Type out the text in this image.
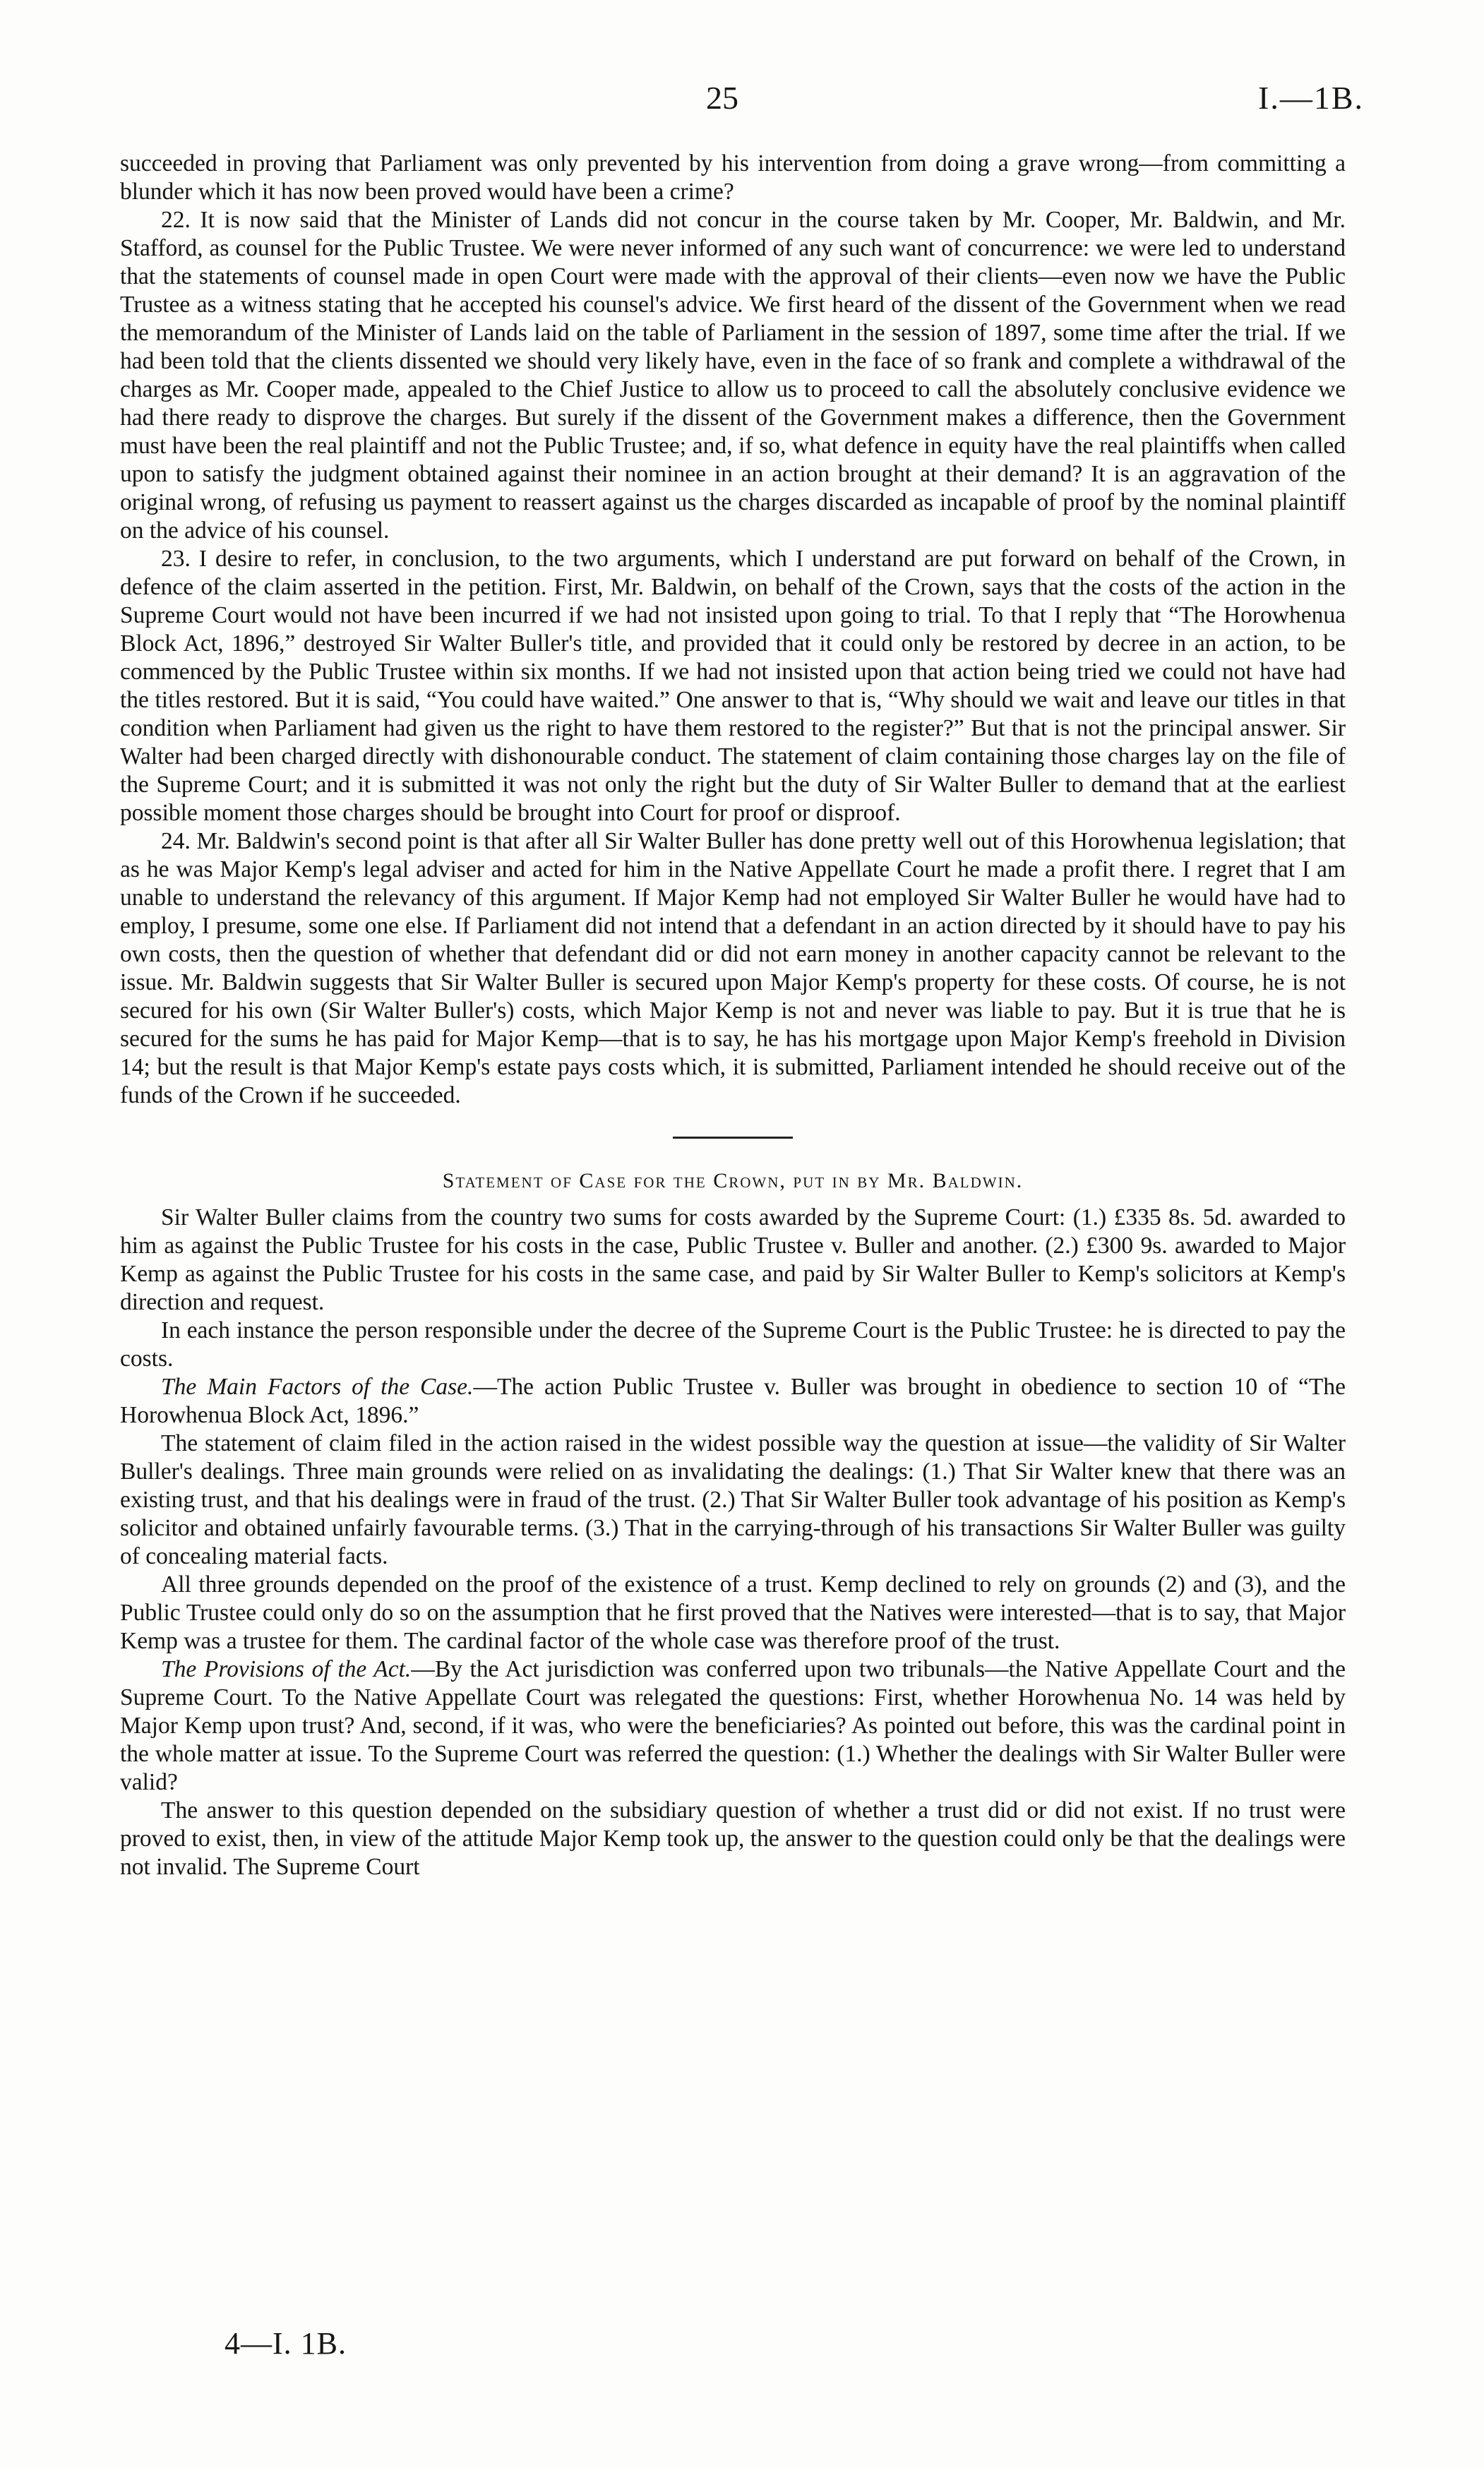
25	I.—1B.

succeeded in proving that Parliament was only prevented by his intervention from doing a grave wrong—from committing a blunder which it has now been proved would have been a crime?

22. It is now said that the Minister of Lands did not concur in the course taken by Mr. Cooper, Mr. Baldwin, and Mr. Stafford, as counsel for the Public Trustee. We were never informed of any such want of concurrence: we were led to understand that the statements of counsel made in open Court were made with the approval of their clients—even now we have the Public Trustee as a witness stating that he accepted his counsel's advice. We first heard of the dissent of the Government when we read the memorandum of the Minister of Lands laid on the table of Parliament in the session of 1897, some time after the trial. If we had been told that the clients dissented we should very likely have, even in the face of so frank and complete a withdrawal of the charges as Mr. Cooper made, appealed to the Chief Justice to allow us to proceed to call the absolutely conclusive evidence we had there ready to disprove the charges. But surely if the dissent of the Government makes a difference, then the Government must have been the real plaintiff and not the Public Trustee; and, if so, what defence in equity have the real plaintiffs when called upon to satisfy the judgment obtained against their nominee in an action brought at their demand? It is an aggravation of the original wrong, of refusing us payment to reassert against us the charges discarded as incapable of proof by the nominal plaintiff on the advice of his counsel.

23. I desire to refer, in conclusion, to the two arguments, which I understand are put forward on behalf of the Crown, in defence of the claim asserted in the petition. First, Mr. Baldwin, on behalf of the Crown, says that the costs of the action in the Supreme Court would not have been incurred if we had not insisted upon going to trial. To that I reply that “The Horowhenua Block Act, 1896,” destroyed Sir Walter Buller's title, and provided that it could only be restored by decree in an action, to be commenced by the Public Trustee within six months. If we had not insisted upon that action being tried we could not have had the titles restored. But it is said, “You could have waited.” One answer to that is, “Why should we wait and leave our titles in that condition when Parliament had given us the right to have them restored to the register?” But that is not the principal answer. Sir Walter had been charged directly with dishonourable conduct. The statement of claim containing those charges lay on the file of the Supreme Court; and it is submitted it was not only the right but the duty of Sir Walter Buller to demand that at the earliest possible moment those charges should be brought into Court for proof or disproof.

24. Mr. Baldwin's second point is that after all Sir Walter Buller has done pretty well out of this Horowhenua legislation; that as he was Major Kemp's legal adviser and acted for him in the Native Appellate Court he made a profit there. I regret that I am unable to understand the relevancy of this argument. If Major Kemp had not employed Sir Walter Buller he would have had to employ, I presume, some one else. If Parliament did not intend that a defendant in an action directed by it should have to pay his own costs, then the question of whether that defendant did or did not earn money in another capacity cannot be relevant to the issue. Mr. Baldwin suggests that Sir Walter Buller is secured upon Major Kemp's property for these costs. Of course, he is not secured for his own (Sir Walter Buller's) costs, which Major Kemp is not and never was liable to pay. But it is true that he is secured for the sums he has paid for Major Kemp—that is to say, he has his mortgage upon Major Kemp's freehold in Division 14; but the result is that Major Kemp's estate pays costs which, it is submitted, Parliament intended he should receive out of the funds of the Crown if he succeeded.

Statement of Case for the Crown, put in by Mr. Baldwin.

Sir Walter Buller claims from the country two sums for costs awarded by the Supreme Court: (1.) £335 8s. 5d. awarded to him as against the Public Trustee for his costs in the case, Public Trustee v. Buller and another. (2.) £300 9s. awarded to Major Kemp as against the Public Trustee for his costs in the same case, and paid by Sir Walter Buller to Kemp's solicitors at Kemp's direction and request.

In each instance the person responsible under the decree of the Supreme Court is the Public Trustee: he is directed to pay the costs.

The Main Factors of the Case.—The action Public Trustee v. Buller was brought in obedience to section 10 of “The Horowhenua Block Act, 1896.”

The statement of claim filed in the action raised in the widest possible way the question at issue—the validity of Sir Walter Buller's dealings. Three main grounds were relied on as invalidating the dealings: (1.) That Sir Walter knew that there was an existing trust, and that his dealings were in fraud of the trust. (2.) That Sir Walter Buller took advantage of his position as Kemp's solicitor and obtained unfairly favourable terms. (3.) That in the carrying-through of his transactions Sir Walter Buller was guilty of concealing material facts.

All three grounds depended on the proof of the existence of a trust. Kemp declined to rely on grounds (2) and (3), and the Public Trustee could only do so on the assumption that he first proved that the Natives were interested—that is to say, that Major Kemp was a trustee for them. The cardinal factor of the whole case was therefore proof of the trust.

The Provisions of the Act.—By the Act jurisdiction was conferred upon two tribunals—the Native Appellate Court and the Supreme Court. To the Native Appellate Court was relegated the questions: First, whether Horowhenua No. 14 was held by Major Kemp upon trust? And, second, if it was, who were the beneficiaries? As pointed out before, this was the cardinal point in the whole matter at issue. To the Supreme Court was referred the question: (1.) Whether the dealings with Sir Walter Buller were valid?

The answer to this question depended on the subsidiary question of whether a trust did or did not exist. If no trust were proved to exist, then, in view of the attitude Major Kemp took up, the answer to the question could only be that the dealings were not invalid. The Supreme Court

4—I. 1B.
